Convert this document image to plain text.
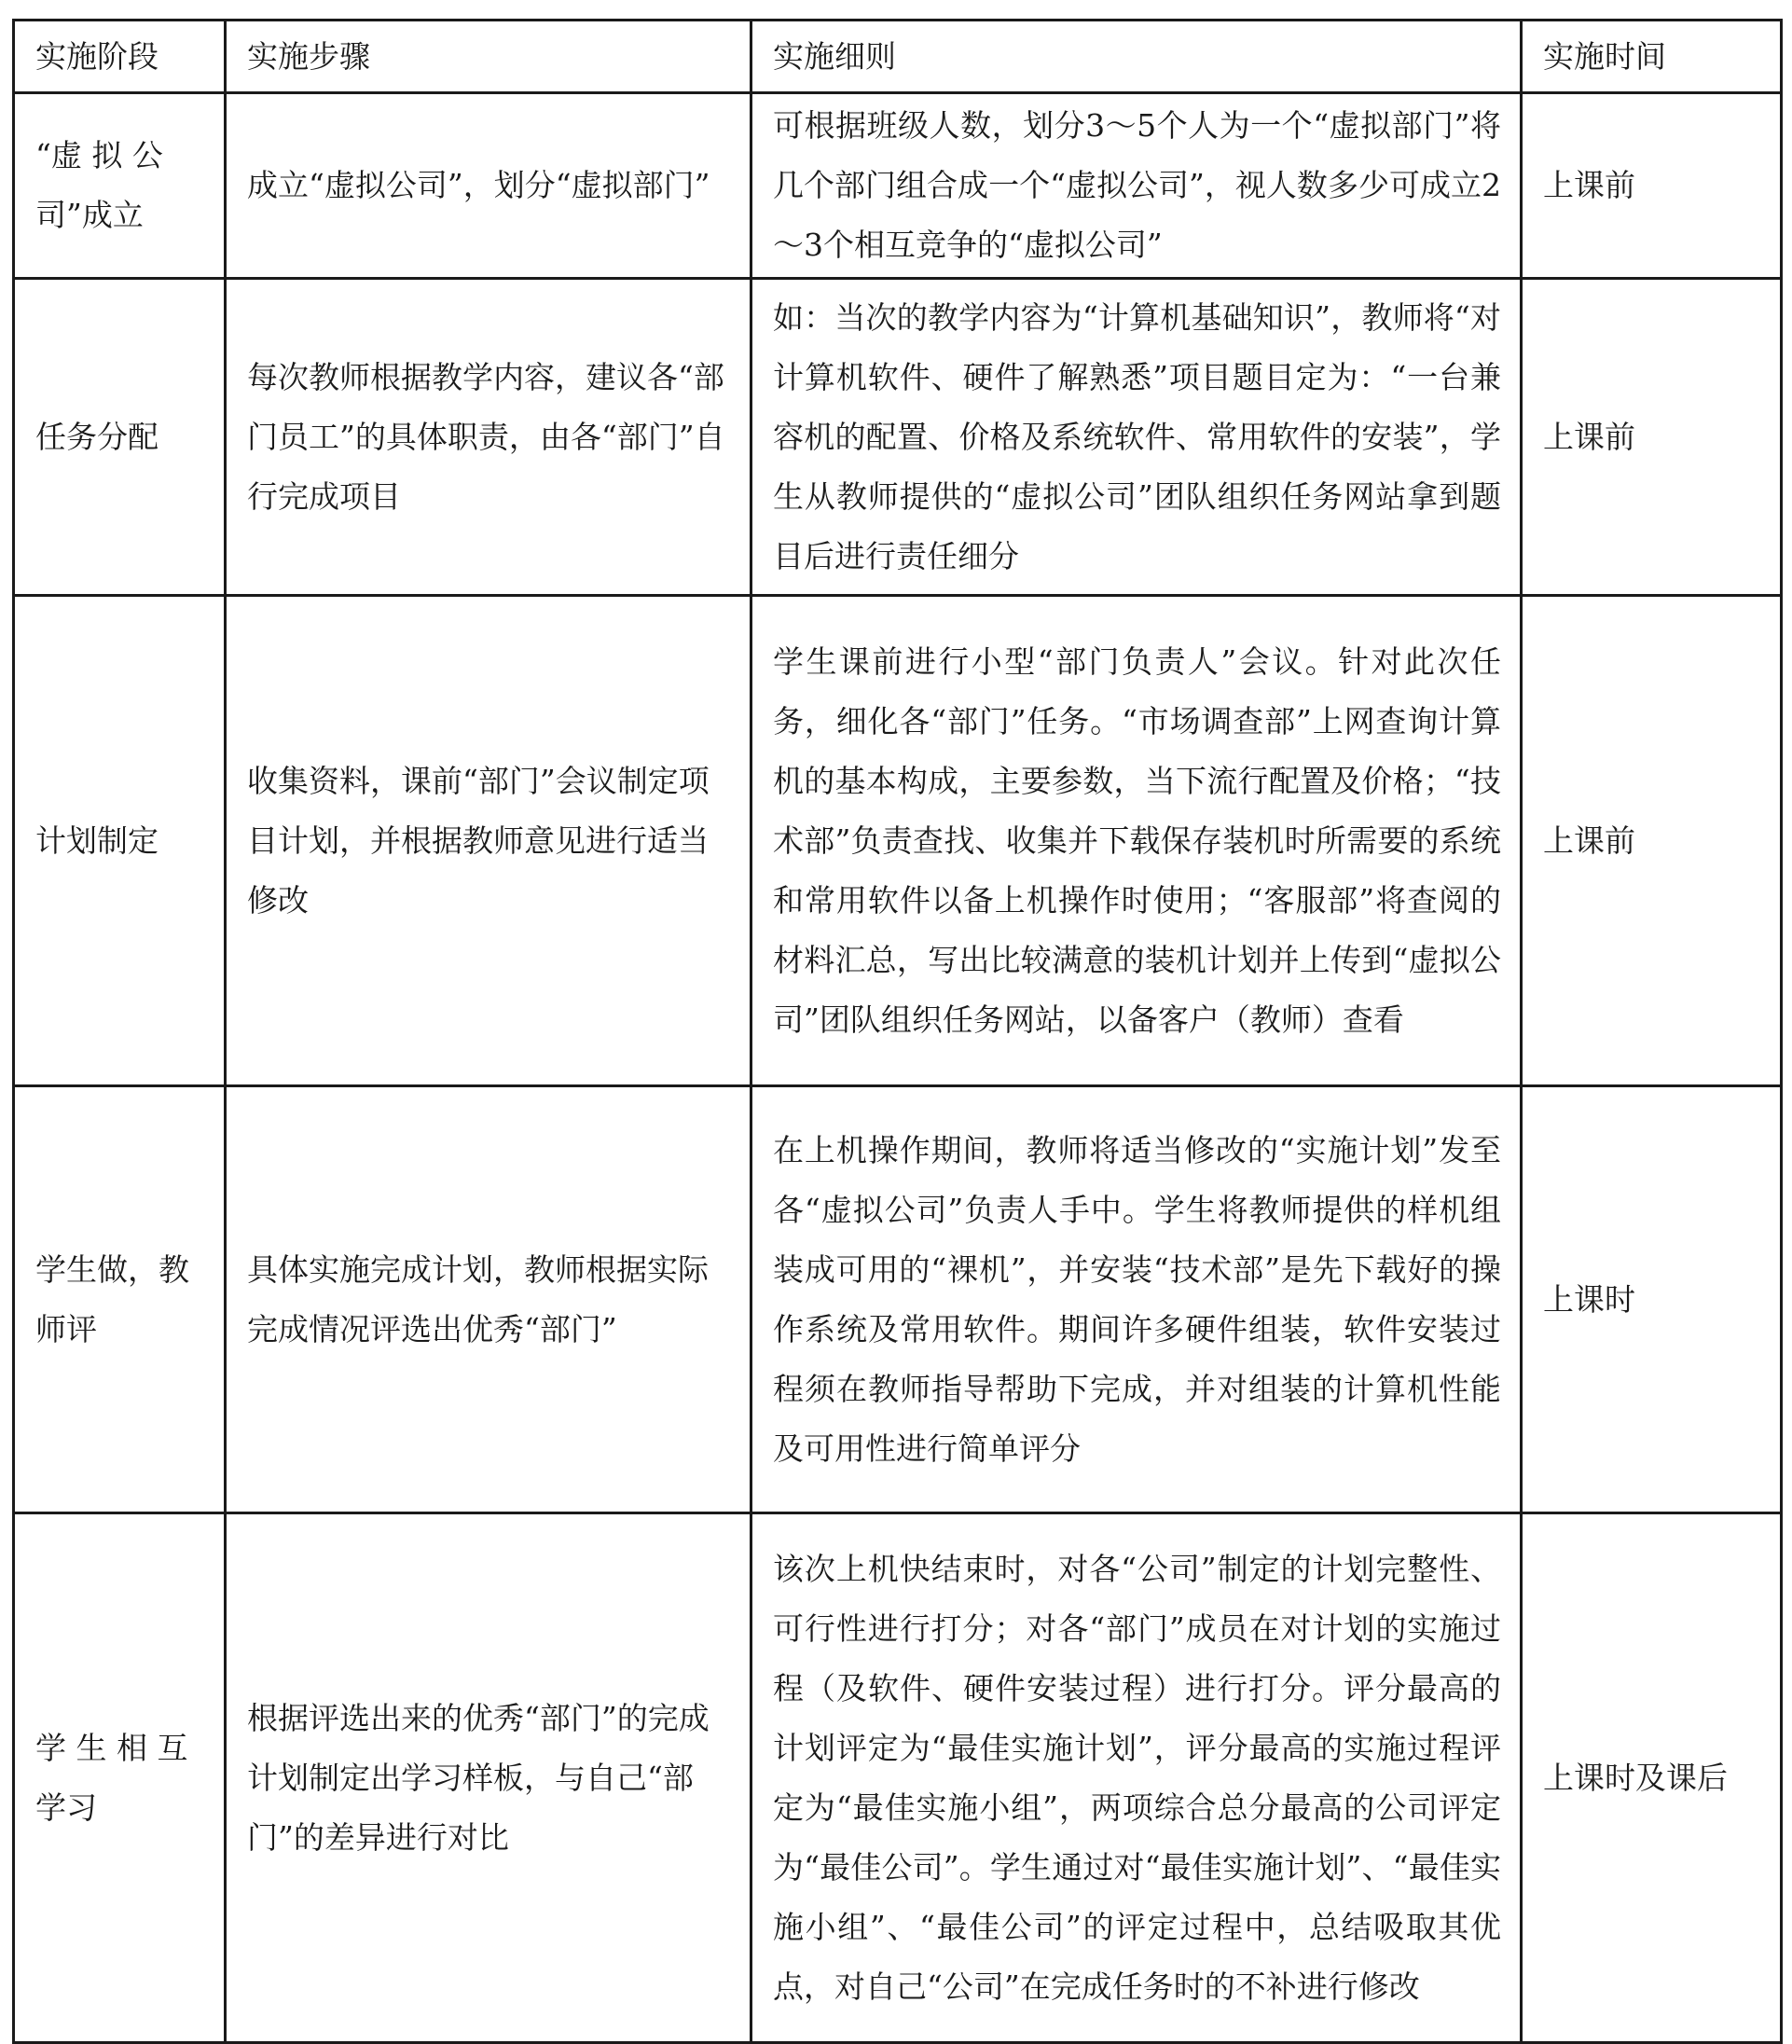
实施阶段	实施步骤	实施细则	实施时间
“虚 拟 公 司”成立	成立“虚拟公司”，划分“虚拟部门”	可根据班级人数，划分3～5个人为一个“虚拟部门”将几个部门组合成一个“虚拟公司”，视人数多少可成立2～3个相互竞争的“虚拟公司”	上课前
任务分配	每次教师根据教学内容，建议各“部门员工”的具体职责，由各“部门”自行完成项目	如：当次的教学内容为“计算机基础知识”，教师将“对计算机软件、硬件了解熟悉”项目题目定为：“一台兼容机的配置、价格及系统软件、常用软件的安装”，学生从教师提供的“虚拟公司”团队组织任务网站拿到题目后进行责任细分	上课前
计划制定	收集资料，课前“部门”会议制定项目计划，并根据教师意见进行适当修改	学生课前进行小型“部门负责人”会议。针对此次任务，细化各“部门”任务。“市场调查部”上网查询计算机的基本构成，主要参数，当下流行配置及价格；“技术部”负责查找、收集并下载保存装机时所需要的系统和常用软件以备上机操作时使用；“客服部”将查阅的材料汇总，写出比较满意的装机计划并上传到“虚拟公司”团队组织任务网站，以备客户（教师）查看	上课前
学生做，教师评	具体实施完成计划，教师根据实际完成情况评选出优秀“部门”	在上机操作期间，教师将适当修改的“实施计划”发至各“虚拟公司”负责人手中。学生将教师提供的样机组装成可用的“裸机”，并安装“技术部”是先下载好的操作系统及常用软件。期间许多硬件组装，软件安装过程须在教师指导帮助下完成，并对组装的计算机性能及可用性进行简单评分	上课时
学 生 相 互学习	根据评选出来的优秀“部门”的完成计划制定出学习样板，与自己“部门”的差异进行对比	该次上机快结束时，对各“公司”制定的计划完整性、可行性进行打分；对各“部门”成员在对计划的实施过程（及软件、硬件安装过程）进行打分。评分最高的计划评定为“最佳实施计划”，评分最高的实施过程评定为“最佳实施小组”，两项综合总分最高的公司评定为“最佳公司”。学生通过对“最佳实施计划”、“最佳实施小组”、“最佳公司”的评定过程中，总结吸取其优点，对自己“公司”在完成任务时的不补进行修改	上课时及课后
